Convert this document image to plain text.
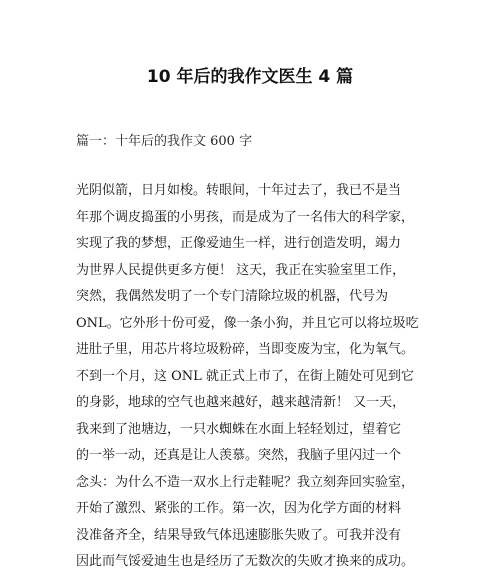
10 年后的我作文医生 4 篇
篇一：十年后的我作文 600 字
光阴似箭，日月如梭。转眼间，十年过去了，我已不是当
年那个调皮捣蛋的小男孩，而是成为了一名伟大的科学家，
实现了我的梦想，正像爱迪生一样，进行创造发明，竭力
为世界人民提供更多方便！ 这天，我正在实验室里工作，
突然，我偶然发明了一个专门清除垃圾的机器，代号为
ONL。它外形十份可爱，像一条小狗，并且它可以将垃圾吃
进肚子里，用芯片将垃圾粉碎，当即变废为宝，化为氧气。
不到一个月，这 ONL 就正式上市了，在街上随处可见到它
的身影，地球的空气也越来越好，越来越清新！ 又一天，
我来到了池塘边，一只水蜘蛛在水面上轻轻划过，望着它
的一举一动，还真是让人羡慕。突然，我脑子里闪过一个
念头：为什么不造一双水上行走鞋呢？我立刻奔回实验室，
开始了激烈、紧张的工作。第一次，因为化学方面的材料
没准备齐全，结果导致气体迅速膨胀失败了。可我并没有
因此而气馁爱迪生也是经历了无数次的失败才换来的成功。
